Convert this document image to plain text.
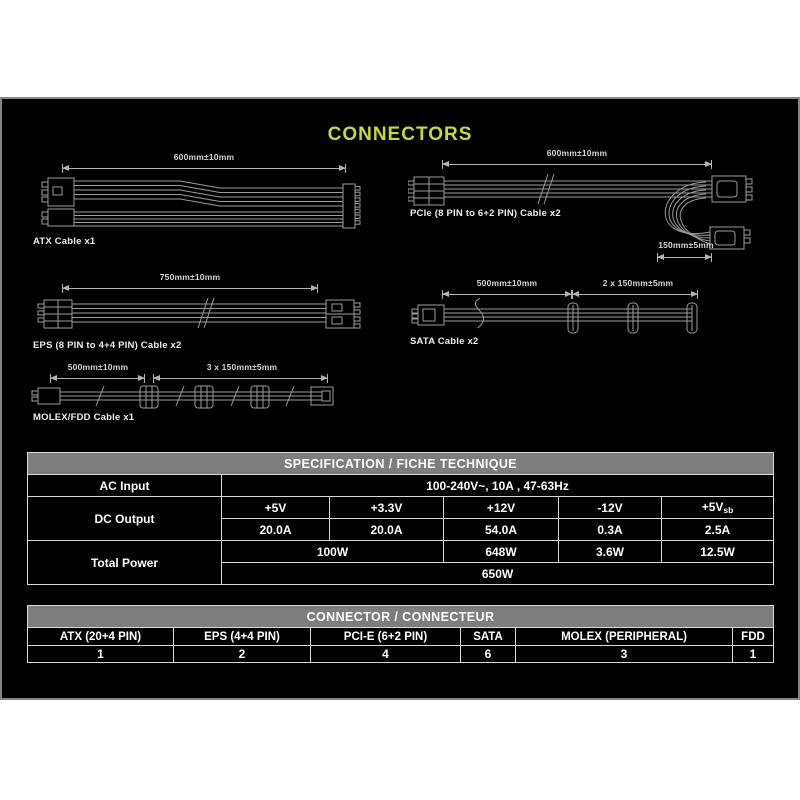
CONNECTORS
600mm±10mm
ATX Cable x1
600mm±10mm
PCIe (8 PIN to 6+2 PIN) Cable x2
150mm±5mm
750mm±10mm
EPS (8 PIN to 4+4 PIN) Cable x2
500mm±10mm	2 x 150mm±5mm
SATA Cable x2
500mm±10mm	3 x 150mm±5mm
MOLEX/FDD Cable x1
SPECIFICATION / FICHE TECHNIQUE					
AC Input	100-240V~, 10A , 47-63Hz				
DC Output	+5V	+3.3V	+12V	-12V	$+5V_{sb}$
	20.0A	20.0A	54.0A	0.3A	2.5A
Total Power	100W		648W	3.6W	12.5W
	650W				
CONNECTOR / CONNECTEUR					
ATX (20+4 PIN)	EPS (4+4 PIN)	PCI-E (6+2 PIN)	SATA	MOLEX (PERIPHERAL)	FDD
1	2	4	6	3	1
